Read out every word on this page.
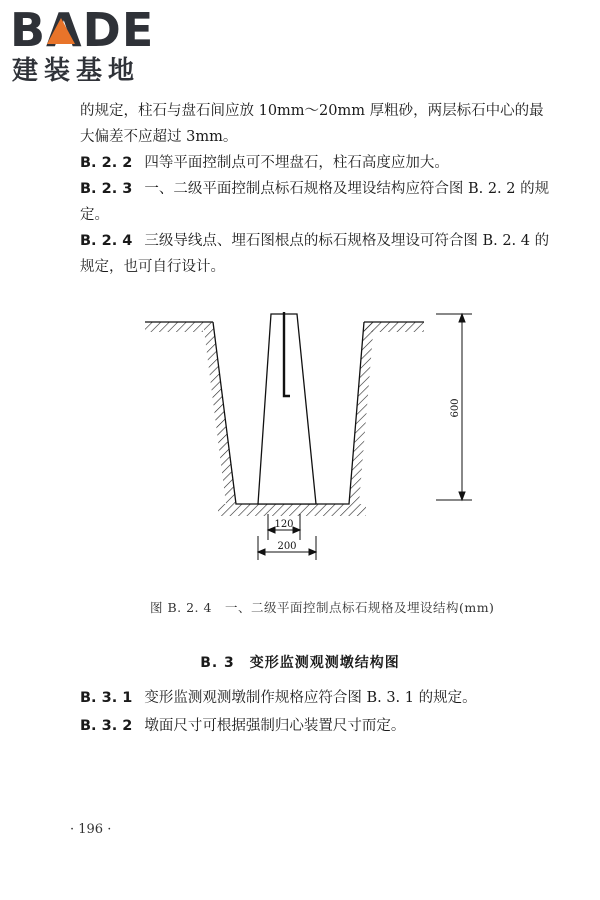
BADE
建装基地

的规定，柱石与盘石间应放 10mm～20mm 厚粗砂，两层标石中心的最大偏差不应超过 3mm。

B. 2. 2 四等平面控制点可不埋盘石，柱石高度应加大。

B. 2. 3 一、二级平面控制点标石规格及埋设结构应符合图 B. 2. 2 的规定。

B. 2. 4 三级导线点、埋石图根点的标石规格及埋设可符合图 B. 2. 4 的规定，也可自行设计。

600
120
200
图 B. 2. 4　一、二级平面控制点标石规格及埋设结构(mm)
B. 3　变形监测观测墩结构图

B. 3. 1 变形监测观测墩制作规格应符合图 B. 3. 1 的规定。

B. 3. 2 墩面尺寸可根据强制归心装置尺寸而定。

· 196 ·
